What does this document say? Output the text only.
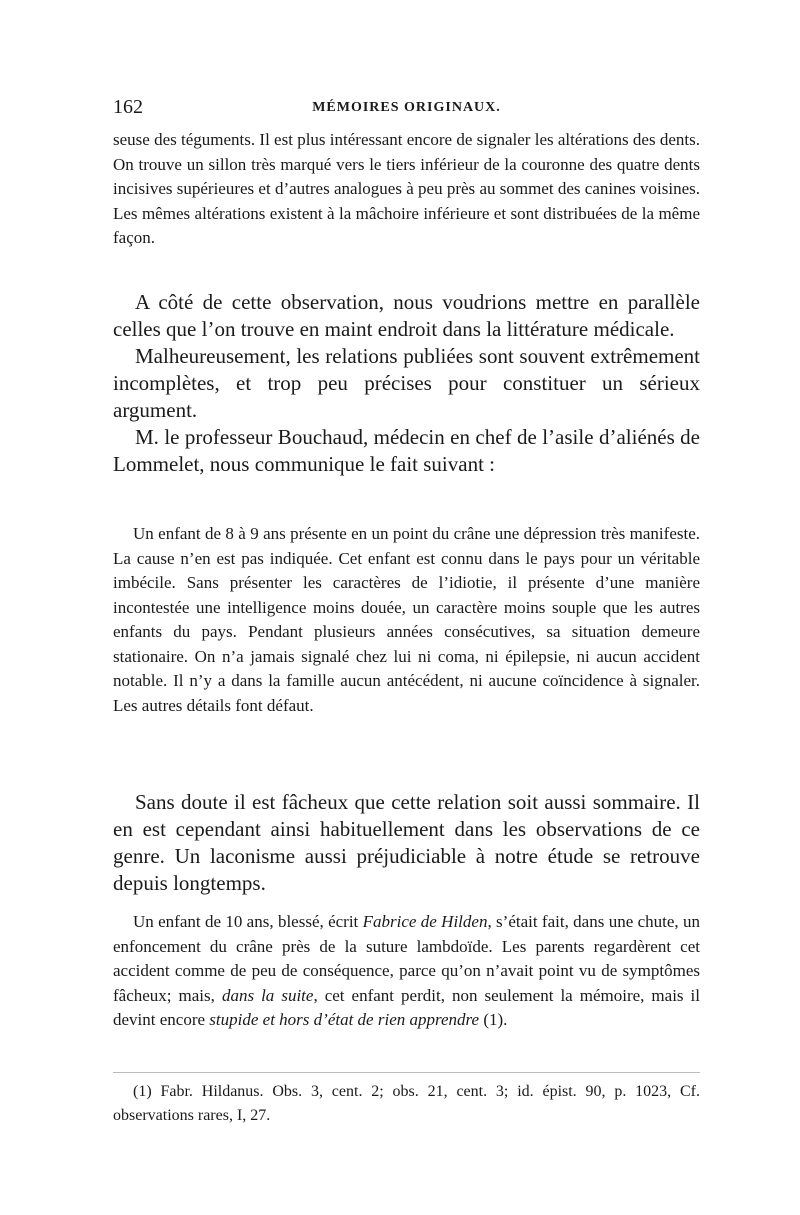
162	MÉMOIRES ORIGINAUX.

seuse des téguments. Il est plus intéressant encore de signaler les altérations des dents. On trouve un sillon très marqué vers le tiers inférieur de la couronne des quatre dents incisives supérieures et d’autres analogues à peu près au sommet des canines voisines. Les mêmes altérations existent à la mâchoire inférieure et sont distribuées de la même façon.

A côté de cette observation, nous voudrions mettre en parallèle celles que l’on trouve en maint endroit dans la littérature médicale.

Malheureusement, les relations publiées sont souvent extrêmement incomplètes, et trop peu précises pour constituer un sérieux argument.

M. le professeur Bouchaud, médecin en chef de l’asile d’aliénés de Lommelet, nous communique le fait suivant :

Un enfant de 8 à 9 ans présente en un point du crâne une dépression très manifeste. La cause n’en est pas indiquée. Cet enfant est connu dans le pays pour un véritable imbécile. Sans présenter les caractères de l’idiotie, il présente d’une manière incontestée une intelligence moins douée, un caractère moins souple que les autres enfants du pays. Pendant plusieurs années consécutives, sa situation demeure stationaire. On n’a jamais signalé chez lui ni coma, ni épilepsie, ni aucun accident notable. Il n’y a dans la famille aucun antécédent, ni aucune coïncidence à signaler. Les autres détails font défaut.

Sans doute il est fâcheux que cette relation soit aussi sommaire. Il en est cependant ainsi habituellement dans les observations de ce genre. Un laconisme aussi préjudiciable à notre étude se retrouve depuis longtemps.

Un enfant de 10 ans, blessé, écrit Fabrice de Hilden, s’était fait, dans une chute, un enfoncement du crâne près de la suture lambdoïde. Les parents regardèrent cet accident comme de peu de conséquence, parce qu’on n’avait point vu de symptômes fâcheux; mais, dans la suite, cet enfant perdit, non seulement la mémoire, mais il devint encore stupide et hors d’état de rien apprendre (1).

(1) Fabr. Hildanus. Obs. 3, cent. 2; obs. 21, cent. 3; id. épist. 90, p. 1023, Cf. observations rares, I, 27.
